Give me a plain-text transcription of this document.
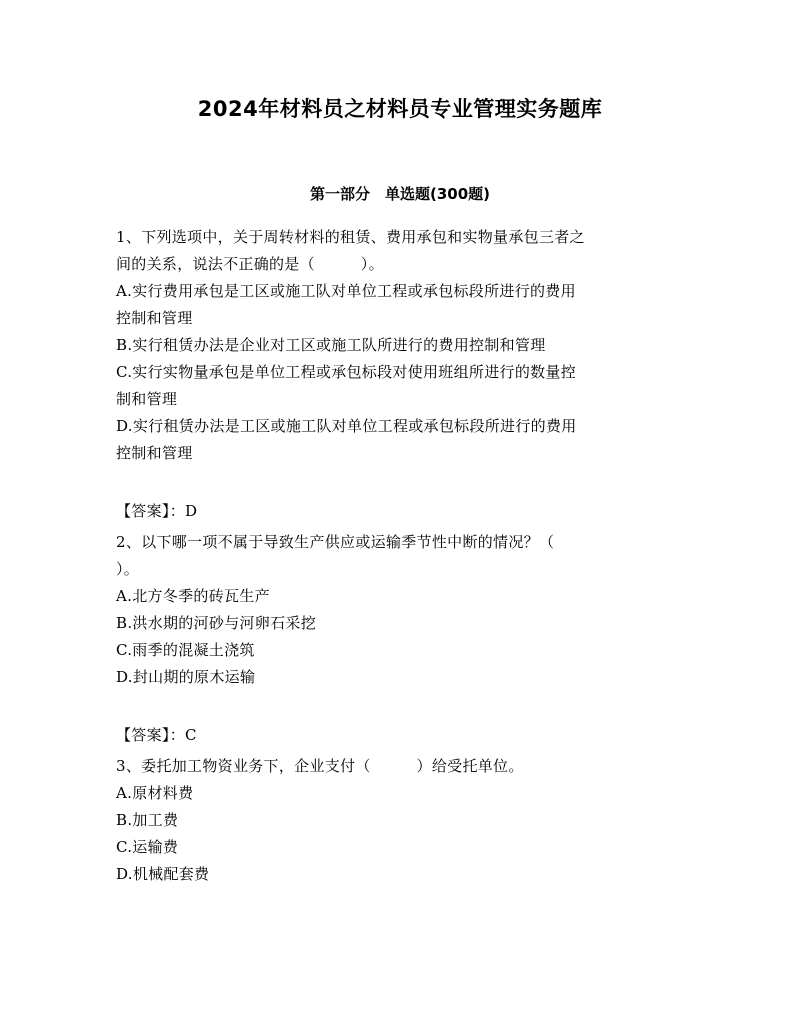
2024年材料员之材料员专业管理实务题库
第一部分　单选题(300题)
1、下列选项中，关于周转材料的租赁、费用承包和实物量承包三者之
间的关系，说法不正确的是（　　　）。
A.实行费用承包是工区或施工队对单位工程或承包标段所进行的费用
控制和管理
B.实行租赁办法是企业对工区或施工队所进行的费用控制和管理
C.实行实物量承包是单位工程或承包标段对使用班组所进行的数量控
制和管理
D.实行租赁办法是工区或施工队对单位工程或承包标段所进行的费用
控制和管理
【答案】：D
2、以下哪一项不属于导致生产供应或运输季节性中断的情况？（
）。
A.北方冬季的砖瓦生产
B.洪水期的河砂与河卵石采挖
C.雨季的混凝土浇筑
D.封山期的原木运输
【答案】：C
3、委托加工物资业务下，企业支付（　　　）给受托单位。
A.原材料费
B.加工费
C.运输费
D.机械配套费
